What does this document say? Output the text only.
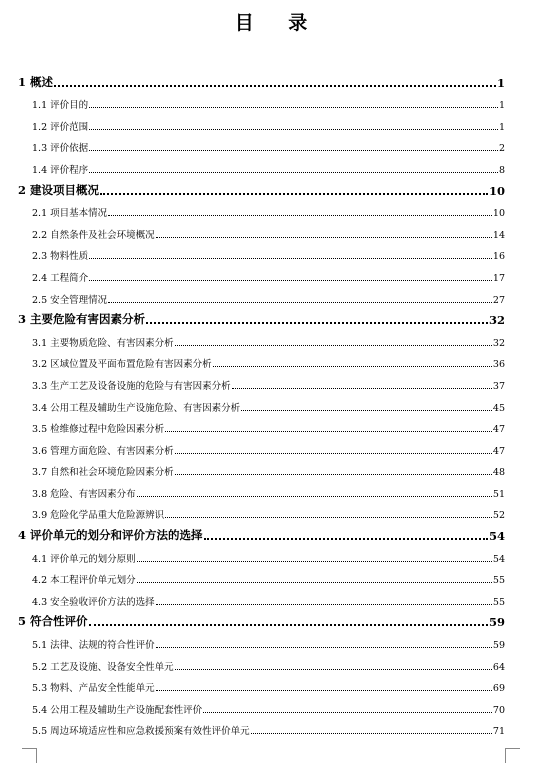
目 录
1 概述	1
1.1 评价目的	1
1.2 评价范围	1
1.3 评价依据	2
1.4 评价程序	8
2 建设项目概况	10
2.1 项目基本情况	10
2.2 自然条件及社会环境概况	14
2.3 物料性质	16
2.4 工程简介	17
2.5 安全管理情况	27
3 主要危险有害因素分析	32
3.1 主要物质危险、有害因素分析	32
3.2 区域位置及平面布置危险有害因素分析	36
3.3 生产工艺及设备设施的危险与有害因素分析	37
3.4 公用工程及辅助生产设施危险、有害因素分析	45
3.5 检维修过程中危险因素分析	47
3.6 管理方面危险、有害因素分析	47
3.7 自然和社会环境危险因素分析	48
3.8 危险、有害因素分布	51
3.9 危险化学品重大危险源辨识	52
4 评价单元的划分和评价方法的选择	54
4.1 评价单元的划分原则	54
4.2 本工程评价单元划分	55
4.3 安全验收评价方法的选择	55
5 符合性评价	59
5.1 法律、法规的符合性评价	59
5.2 工艺及设施、设备安全性单元	64
5.3 物料、产品安全性能单元	69
5.4 公用工程及辅助生产设施配套性评价	70
5.5 周边环境适应性和应急救援预案有效性评价单元	71
